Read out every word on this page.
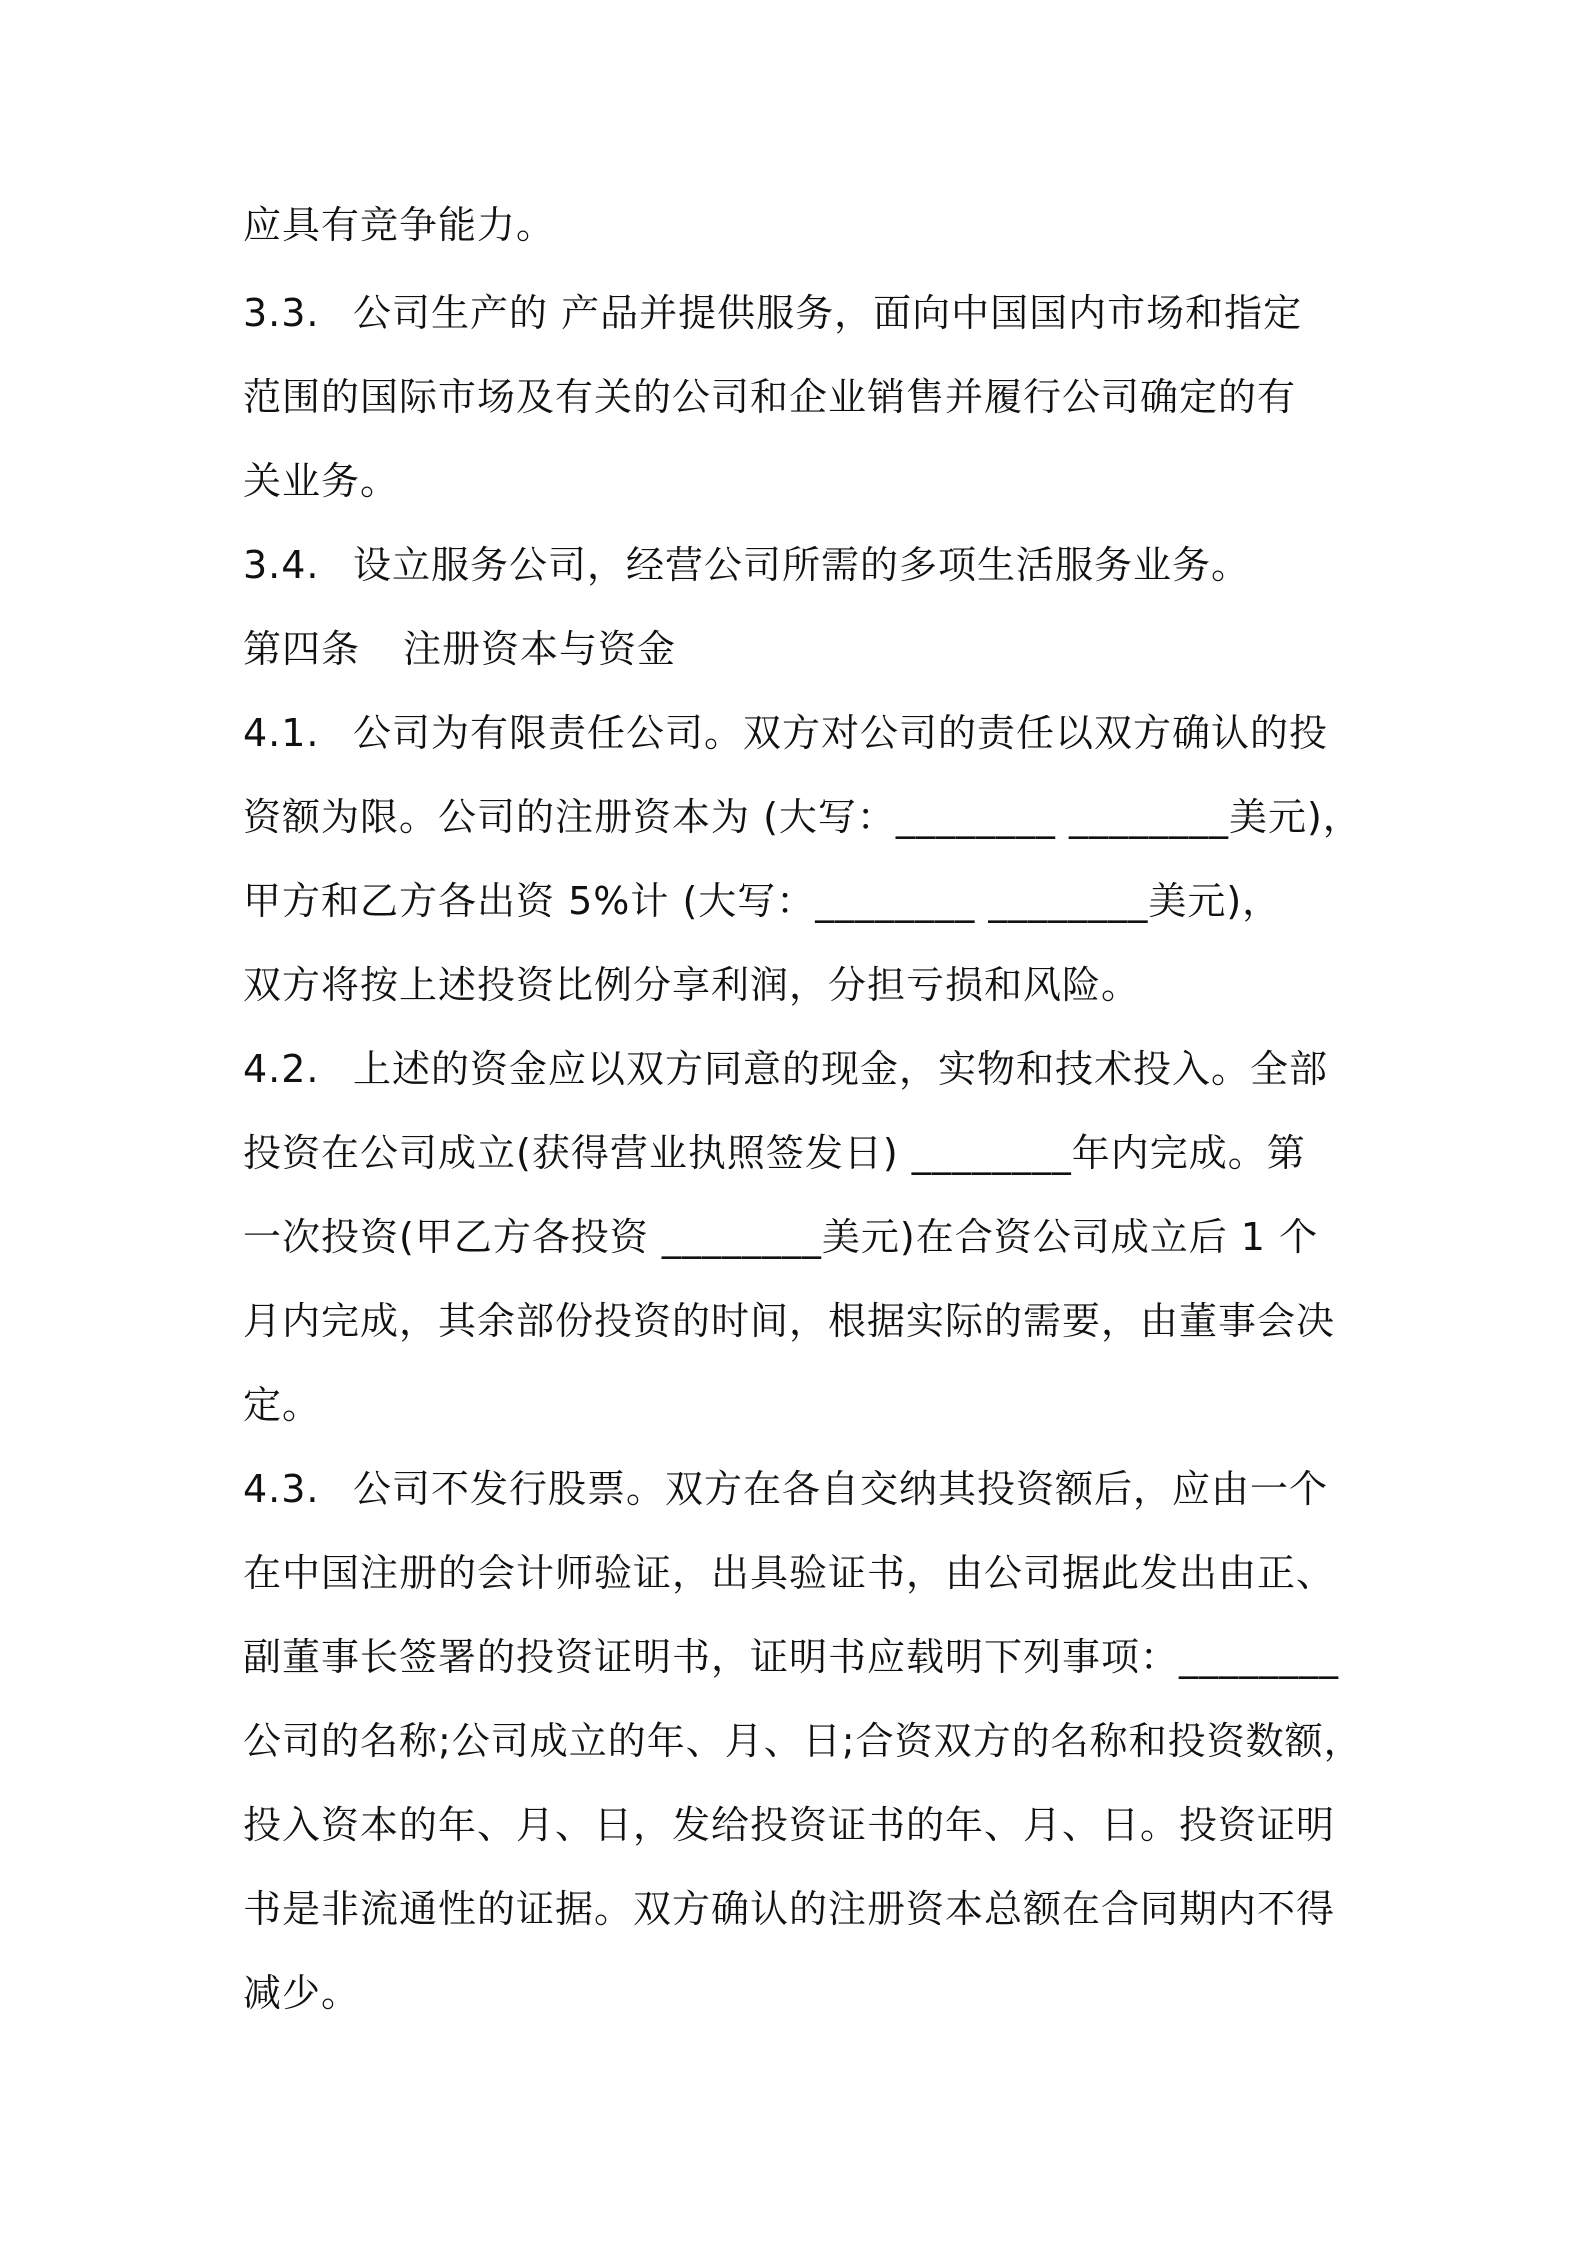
应具有竞争能力。
3.3. 公司生产的 产品并提供服务，面向中国国内市场和指定
范围的国际市场及有关的公司和企业销售并履行公司确定的有
关业务。
3.4. 设立服务公司，经营公司所需的多项生活服务业务。
第四条 注册资本与资金
4.1. 公司为有限责任公司。双方对公司的责任以双方确认的投
资额为限。公司的注册资本为 (大写：________ ________美元)，
甲方和乙方各出资 5%计 (大写：________ ________美元)，
双方将按上述投资比例分享利润，分担亏损和风险。
4.2. 上述的资金应以双方同意的现金，实物和技术投入。全部
投资在公司成立(获得营业执照签发日) ________年内完成。第
一次投资(甲乙方各投资 ________美元)在合资公司成立后 1 个
月内完成，其余部份投资的时间，根据实际的需要，由董事会决
定。
4.3. 公司不发行股票。双方在各自交纳其投资额后，应由一个
在中国注册的会计师验证，出具验证书，由公司据此发出由正、
副董事长签署的投资证明书，证明书应载明下列事项：________
公司的名称;公司成立的年、月、日;合资双方的名称和投资数额，
投入资本的年、月、日，发给投资证书的年、月、日。投资证明
书是非流通性的证据。双方确认的注册资本总额在合同期内不得
减少。
